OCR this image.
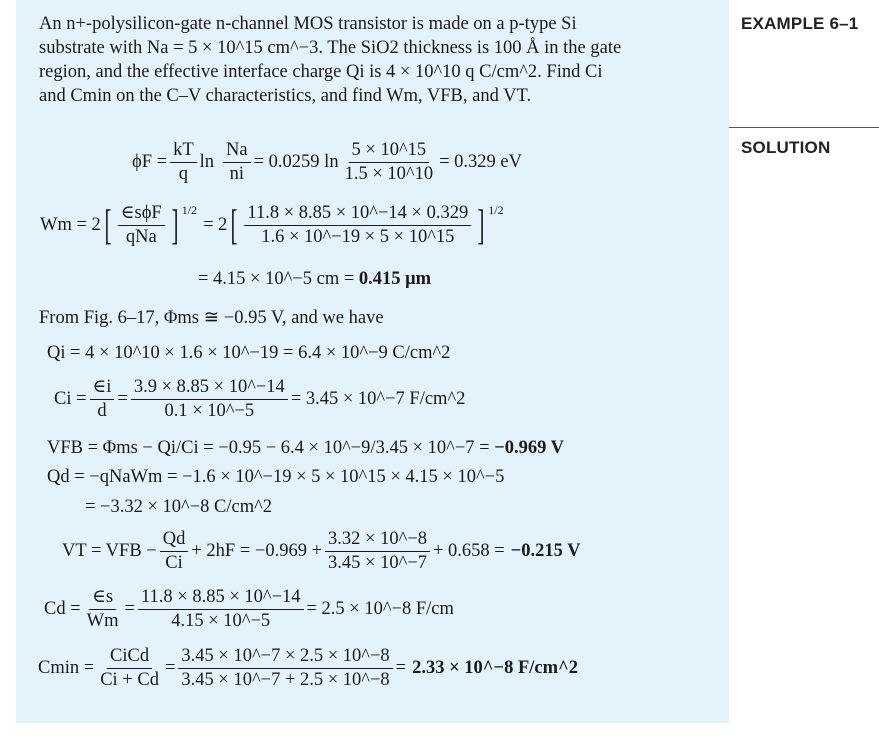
EXAMPLE 6–1
SOLUTION
An n+-polysilicon-gate n-channel MOS transistor is made on a p-type Si
substrate with Na = 5 × 10^15 cm^−3. The SiO2 thickness is 100 Å in the gate
region, and the effective interface charge Qi is 4 × 10^10 q C/cm^2. Find Ci
and Cmin on the C–V characteristics, and find Wm, VFB, and VT.
$\phi F = \frac{kT}{q}$ $\ln \frac{Na}{ni} = 0.0259$ $\ln \frac{5 \times 10\^{}15}{1.5 \times 10\^{}10} = 0.329$ eV
Wm = 2 [ $\frac{\text{∈sϕF}}{\text{qNa}}$ ] $^{1/2}$
= 2 [ $\frac{11.8 \times 8.85 \times 10\^{}-14 \times 0.329}{1.6 \times 10\^{}-19 \times 5 \times 10\^{}15}$ ] $^{1/2}$
= 4.15 × 10^−5 cm = 0.415 μm
From Fig. 6–17, Φms ≅ −0.95 V, and we have
Qi = 4 × 10^10 × 1.6 × 10^−19 = 6.4 × 10^−9 C/cm^2
$Ci = \frac{\in i}{d} = \frac{3.9 \times 8.85 \times 10\^{}-14}{0.1 \times 10\^{}-5} = 3.45$ × 10^−7 F/cm^2
VFB = Φms − Qi/Ci = −0.95 − 6.4 × 10^−9/3.45 × 10^−7 = −0.969 V
Qd = −qNaWm = −1.6 × 10^−19 × 5 × 10^15 × 4.15 × 10^−5
= −3.32 × 10^−8 C/cm^2
VT = VFB − $\frac{Qd}{Ci} + 2hF = -0.969 + \frac{3.32 \times 10\^{}-8}{3.45 \times 10\^{}-7} + 0.658 = -0.215$ V
$Cd = \frac{\in s}{Wm} = \frac{11.8 \times 8.85 \times 10\^{}-14}{4.15 \times 10\^{}-5} = 2.5$ × 10^−8 F/cm
$Cmin = \frac{\text{CiCd}}{Ci + Cd} = \frac{3.45 \times 10\^{}-7 \times 2.5 \times 10\^{}-8}{3.45 \times 10\^{}-7 + 2.5 \times 10\^{}-8} = 2.33$ × 10^−8 F/cm^2
